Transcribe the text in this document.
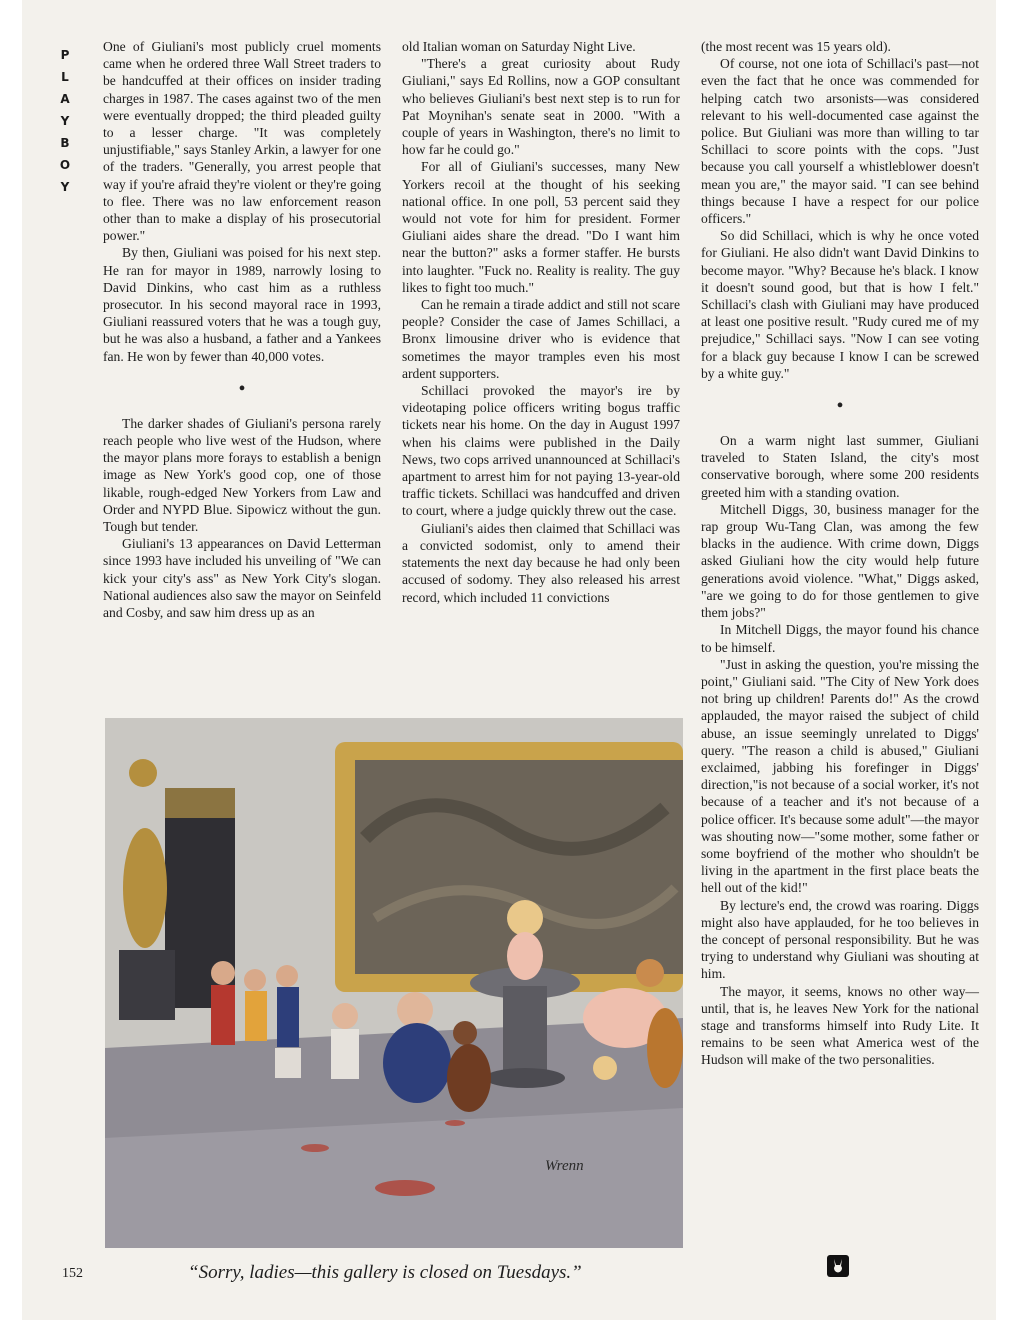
PLAYBOY

One of Giuliani's most publicly cruel moments came when he ordered three Wall Street traders to be handcuffed at their offices on insider trading charges in 1987. The cases against two of the men were eventually dropped; the third pleaded guilty to a lesser charge. "It was completely unjustifiable," says Stanley Arkin, a lawyer for one of the traders. "Generally, you arrest people that way if you're afraid they're violent or they're going to flee. There was no law enforcement reason other than to make a display of his prosecutorial power."

By then, Giuliani was poised for his next step. He ran for mayor in 1989, narrowly losing to David Dinkins, who cast him as a ruthless prosecutor. In his second mayoral race in 1993, Giuliani reassured voters that he was a tough guy, but he was also a husband, a father and a Yankees fan. He won by fewer than 40,000 votes.

•

The darker shades of Giuliani's persona rarely reach people who live west of the Hudson, where the mayor plans more forays to establish a benign image as New York's good cop, one of those likable, rough-edged New Yorkers from Law and Order and NYPD Blue. Sipowicz without the gun. Tough but tender.

Giuliani's 13 appearances on David Letterman since 1993 have included his unveiling of "We can kick your city's ass" as New York City's slogan. National audiences also saw the mayor on Seinfeld and Cosby, and saw him dress up as an

old Italian woman on Saturday Night Live.

"There's a great curiosity about Rudy Giuliani," says Ed Rollins, now a GOP consultant who believes Giuliani's best next step is to run for Pat Moynihan's senate seat in 2000. "With a couple of years in Washington, there's no limit to how far he could go."

For all of Giuliani's successes, many New Yorkers recoil at the thought of his seeking national office. In one poll, 53 percent said they would not vote for him for president. Former Giuliani aides share the dread. "Do I want him near the button?" asks a former staffer. He bursts into laughter. "Fuck no. Reality is reality. The guy likes to fight too much."

Can he remain a tirade addict and still not scare people? Consider the case of James Schillaci, a Bronx limousine driver who is evidence that sometimes the mayor tramples even his most ardent supporters.

Schillaci provoked the mayor's ire by videotaping police officers writing bogus traffic tickets near his home. On the day in August 1997 when his claims were published in the Daily News, two cops arrived unannounced at Schillaci's apartment to arrest him for not paying 13-year-old traffic tickets. Schillaci was handcuffed and driven to court, where a judge quickly threw out the case.

Giuliani's aides then claimed that Schillaci was a convicted sodomist, only to amend their statements the next day because he had only been accused of sodomy. They also released his arrest record, which included 11 convictions

(the most recent was 15 years old).

Of course, not one iota of Schillaci's past—not even the fact that he once was commended for helping catch two arsonists—was considered relevant to his well-documented case against the police. But Giuliani was more than willing to tar Schillaci to score points with the cops. "Just because you call yourself a whistleblower doesn't mean you are," the mayor said. "I can see behind things because I have a respect for our police officers."

So did Schillaci, which is why he once voted for Giuliani. He also didn't want David Dinkins to become mayor. "Why? Because he's black. I know it doesn't sound good, but that is how I felt." Schillaci's clash with Giuliani may have produced at least one positive result. "Rudy cured me of my prejudice," Schillaci says. "Now I can see voting for a black guy because I know I can be screwed by a white guy."

•

On a warm night last summer, Giuliani traveled to Staten Island, the city's most conservative borough, where some 200 residents greeted him with a standing ovation.

Mitchell Diggs, 30, business manager for the rap group Wu-Tang Clan, was among the few blacks in the audience. With crime down, Diggs asked Giuliani how the city would help future generations avoid violence. "What," Diggs asked, "are we going to do for those gentlemen to give them jobs?"

In Mitchell Diggs, the mayor found his chance to be himself.

"Just in asking the question, you're missing the point," Giuliani said. "The City of New York does not bring up children! Parents do!" As the crowd applauded, the mayor raised the subject of child abuse, an issue seemingly unrelated to Diggs' query. "The reason a child is abused," Giuliani exclaimed, jabbing his forefinger in Diggs' direction,"is not because of a social worker, it's not because of a teacher and it's not because of a police officer. It's because some adult"—the mayor was shouting now—"some mother, some father or some boyfriend of the mother who shouldn't be living in the apartment in the first place beats the hell out of the kid!"

By lecture's end, the crowd was roaring. Diggs might also have applauded, for he too believes in the concept of personal responsibility. But he was trying to understand why Giuliani was shouting at him.

The mayor, it seems, knows no other way—until, that is, he leaves New York for the national stage and transforms himself into Rudy Lite. It remains to be seen what America west of the Hudson will make of the two personalities.

Wrenn
“Sorry, ladies—this gallery is closed on Tuesdays.”
152
